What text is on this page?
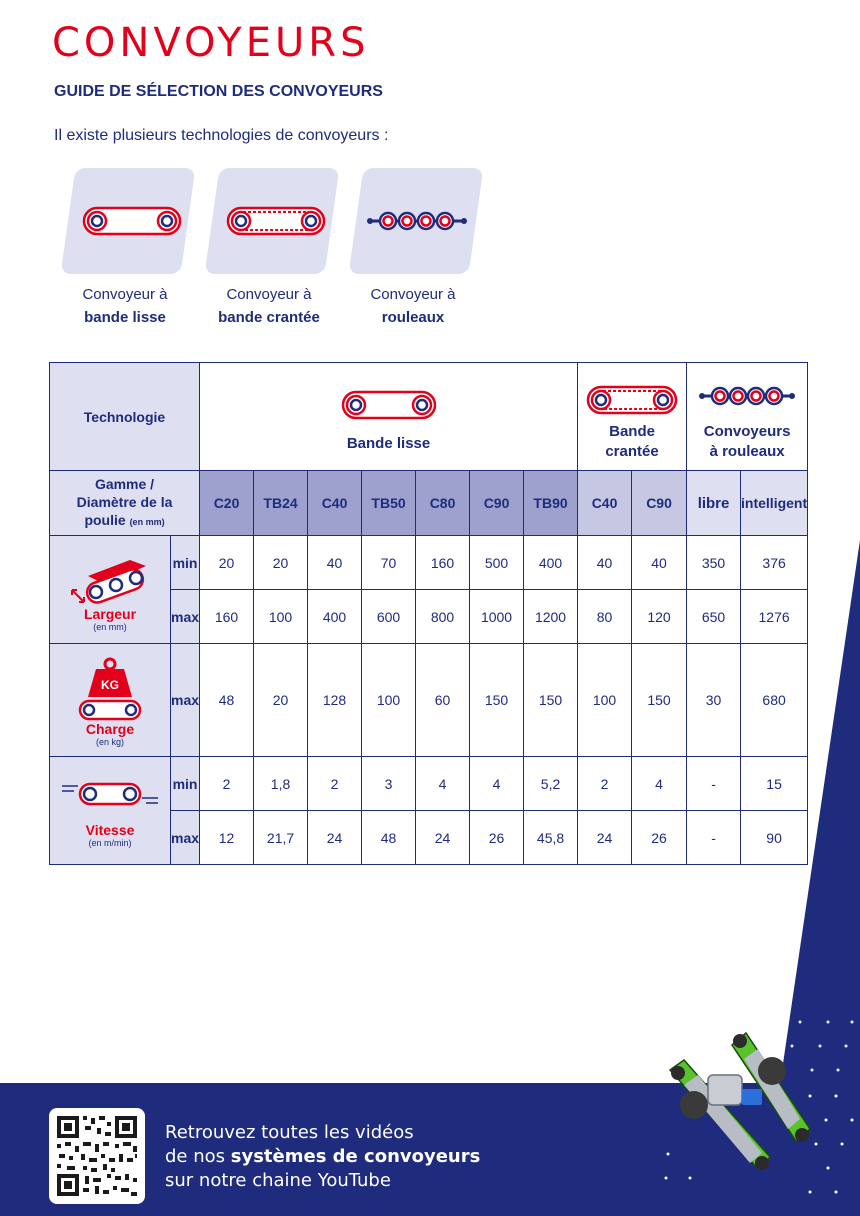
CONVOYEURS
GUIDE DE SÉLECTION DES CONVOYEURS
Il existe plusieurs technologies de convoyeurs :
Convoyeur à
bande lisse
Convoyeur à
bande crantée
Convoyeur à
rouleaux
Technologie		Bande lisse							Bande
crantée		Convoyeurs
à rouleaux	

Gamme /
Diamètre de la
poulie (en mm)		C20	TB24	C40	TB50	C80	C90	TB90	C40	C90	libre	intelligent

Largeur
(en mm)	min	20	20	40	70	160	500	400	40	40	350	376
	max	160	100	400	600	800	1000	1200	80	120	650	1276

KG
Charge
(en kg)	max	48	20	128	100	60	150	150	100	150	30	680

Vitesse
(en m/min)	min	2	1,8	2	3	4	4	5,2	2	4	-	15
	max	12	21,7	24	48	24	26	45,8	24	26	-	90
Retrouvez toutes les vidéos
de nos systèmes de convoyeurs
sur notre chaine YouTube
